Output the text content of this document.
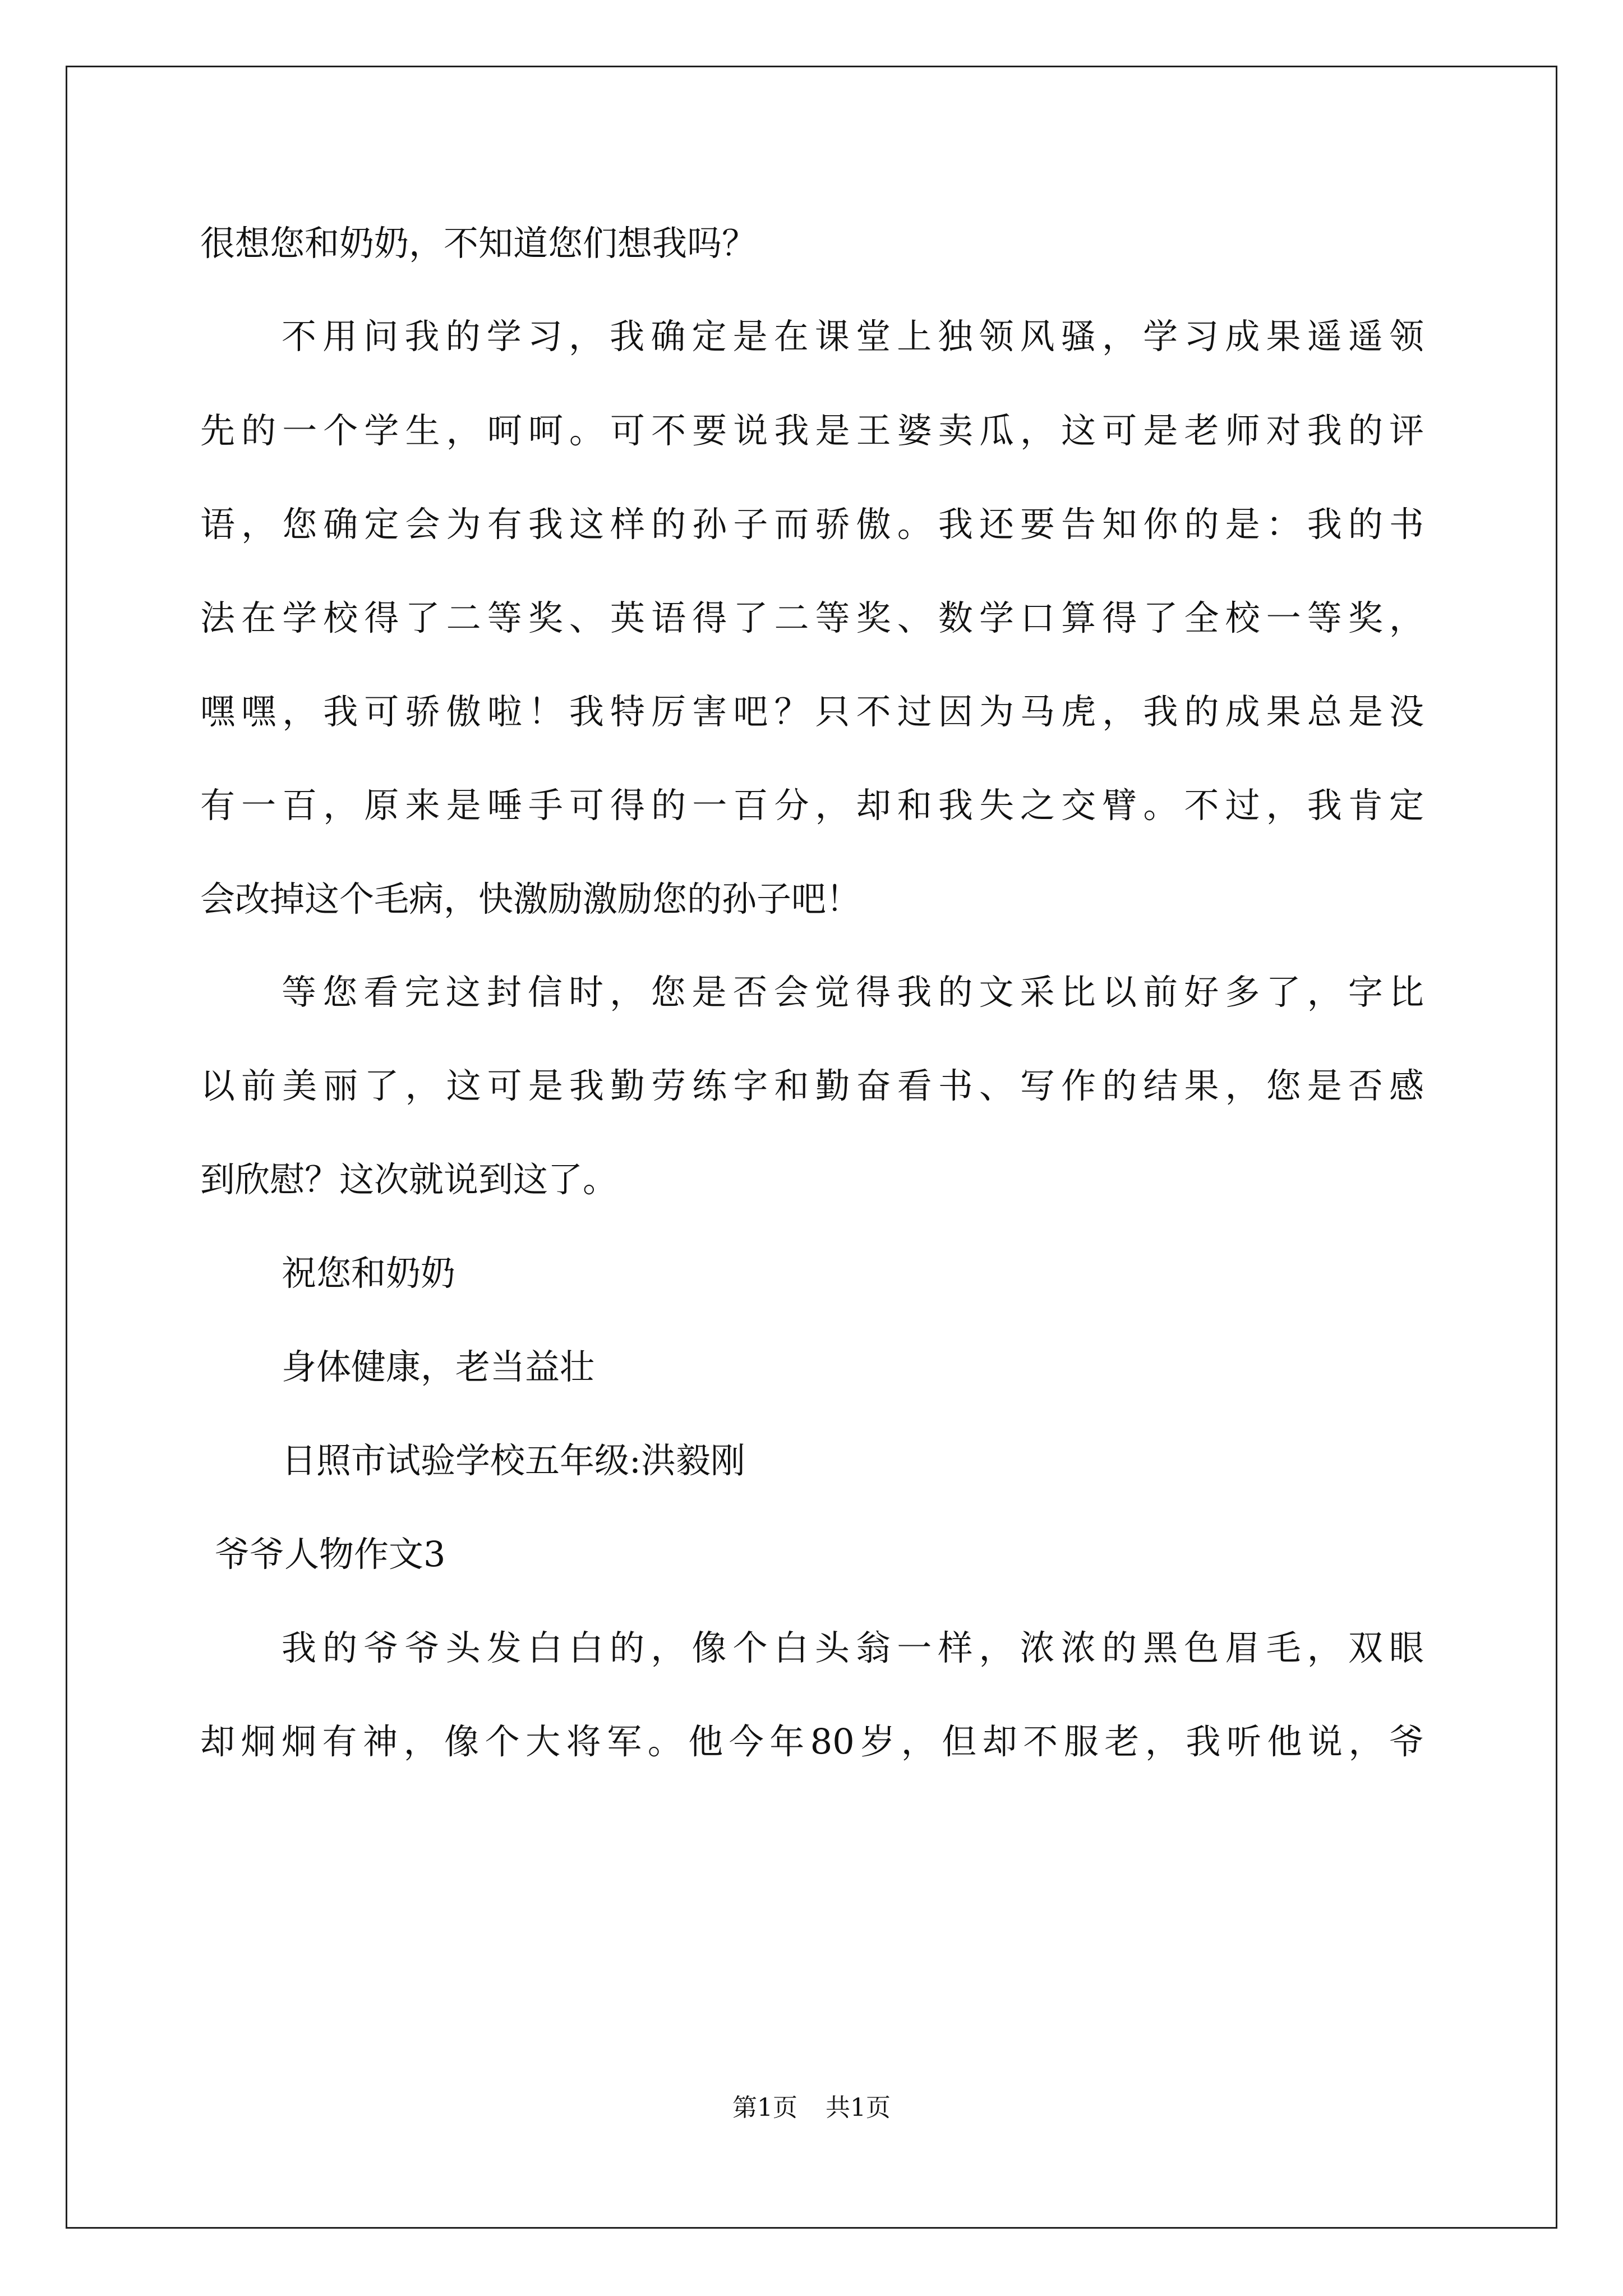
很想您和奶奶，不知道您们想我吗？
不用问我的学习，我确定是在课堂上独领风骚，学习成果遥遥领
先的一个学生，呵呵。可不要说我是王婆卖瓜，这可是老师对我的评
语，您确定会为有我这样的孙子而骄傲。我还要告知你的是：我的书
法在学校得了二等奖、英语得了二等奖、数学口算得了全校一等奖，
嘿嘿，我可骄傲啦！我特厉害吧？只不过因为马虎，我的成果总是没
有一百，原来是唾手可得的一百分，却和我失之交臂。不过，我肯定
会改掉这个毛病，快激励激励您的孙子吧！
等您看完这封信时，您是否会觉得我的文采比以前好多了，字比
以前美丽了，这可是我勤劳练字和勤奋看书、写作的结果，您是否感
到欣慰？这次就说到这了。
祝您和奶奶
身体健康，老当益壮
日照市试验学校五年级:洪毅刚
爷爷人物作文3
我的爷爷头发白白的，像个白头翁一样，浓浓的黑色眉毛，双眼
却炯炯有神，像个大将军。他今年80岁，但却不服老，我听他说，爷
第1页 共1页
